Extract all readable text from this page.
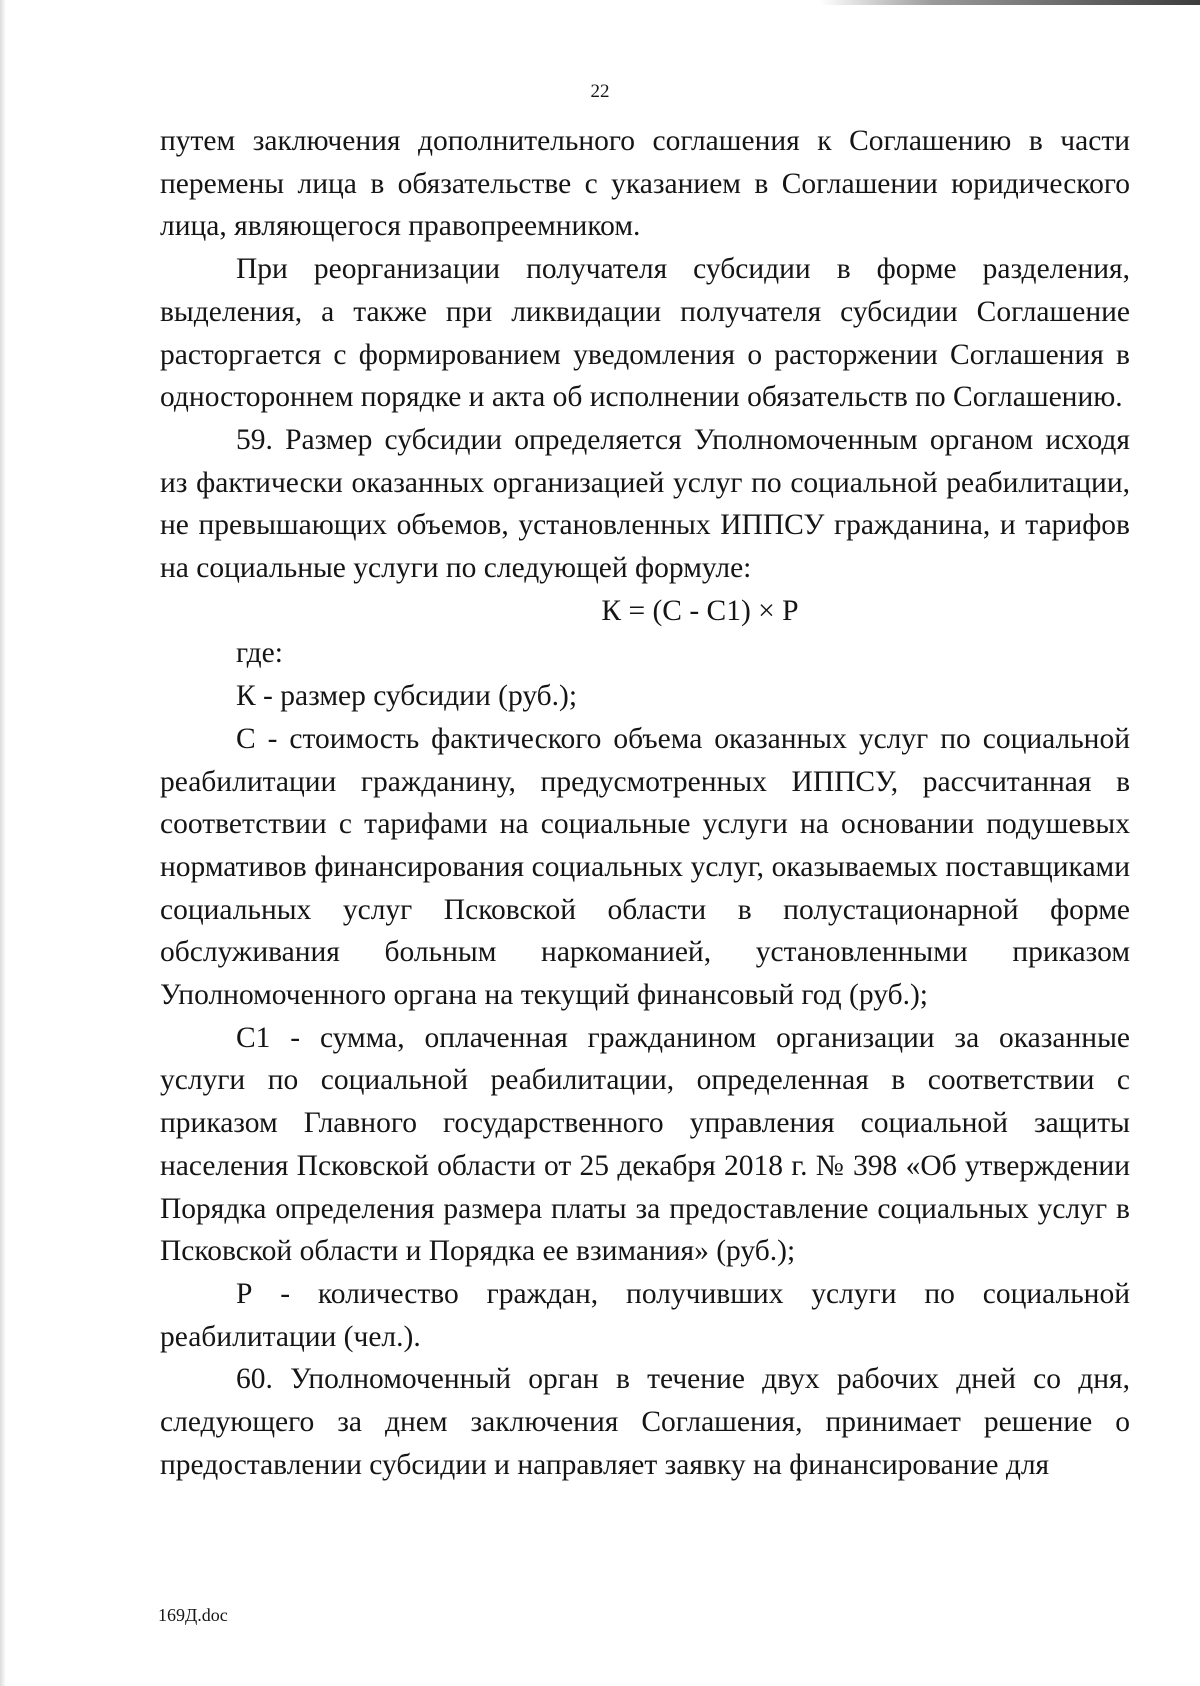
22

путем заключения дополнительного соглашения к Соглашению в части перемены лица в обязательстве с указанием в Соглашении юридического лица, являющегося правопреемником.

При реорганизации получателя субсидии в форме разделения, выделения, а также при ликвидации получателя субсидии Соглашение расторгается с формированием уведомления о расторжении Соглашения в одностороннем порядке и акта об исполнении обязательств по Соглашению.

59. Размер субсидии определяется Уполномоченным органом исходя из фактически оказанных организацией услуг по социальной реабилитации, не превышающих объемов, установленных ИППСУ гражданина, и тарифов на социальные услуги по следующей формуле:

К = (С - С1) × Р

где:

К - размер субсидии (руб.);

С - стоимость фактического объема оказанных услуг по социальной реабилитации гражданину, предусмотренных ИППСУ, рассчитанная в соответствии с тарифами на социальные услуги на основании подушевых нормативов финансирования социальных услуг, оказываемых поставщиками социальных услуг Псковской области в полустационарной форме обслуживания больным наркоманией, установленными приказом Уполномоченного органа на текущий финансовый год (руб.);

С1 - сумма, оплаченная гражданином организации за оказанные услуги по социальной реабилитации, определенная в соответствии с приказом Главного государственного управления социальной защиты населения Псковской области от 25 декабря 2018 г. № 398 «Об утверждении Порядка определения размера платы за предоставление социальных услуг в Псковской области и Порядка ее взимания» (руб.);

Р - количество граждан, получивших услуги по социальной реабилитации (чел.).

60. Уполномоченный орган в течение двух рабочих дней со дня, следующего за днем заключения Соглашения, принимает решение о предоставлении субсидии и направляет заявку на финансирование для

169Д.doc
